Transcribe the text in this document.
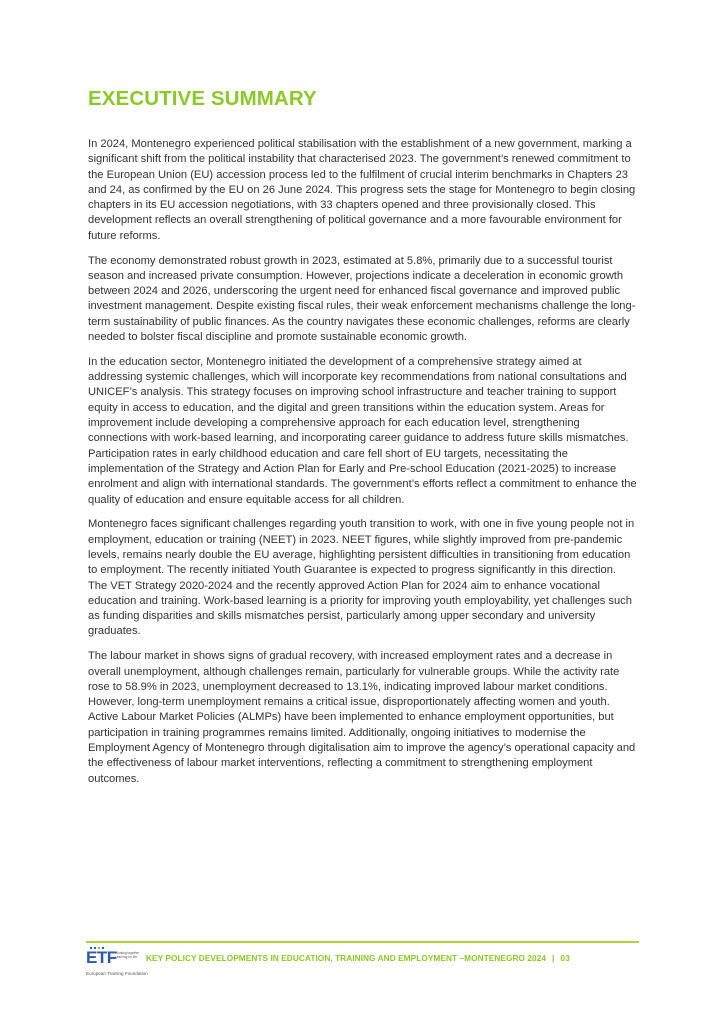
EXECUTIVE SUMMARY

In 2024, Montenegro experienced political stabilisation with the establishment of a new government, marking a significant shift from the political instability that characterised 2023. The government’s renewed commitment to the European Union (EU) accession process led to the fulfilment of crucial interim benchmarks in Chapters 23 and 24, as confirmed by the EU on 26 June 2024. This progress sets the stage for Montenegro to begin closing chapters in its EU accession negotiations, with 33 chapters opened and three provisionally closed. This development reflects an overall strengthening of political governance and a more favourable environment for future reforms.

The economy demonstrated robust growth in 2023, estimated at 5.8%, primarily due to a successful tourist season and increased private consumption. However, projections indicate a deceleration in economic growth between 2024 and 2026, underscoring the urgent need for enhanced fiscal governance and improved public investment management. Despite existing fiscal rules, their weak enforcement mechanisms challenge the long-term sustainability of public finances. As the country navigates these economic challenges, reforms are clearly needed to bolster fiscal discipline and promote sustainable economic growth.

In the education sector, Montenegro initiated the development of a comprehensive strategy aimed at addressing systemic challenges, which will incorporate key recommendations from national consultations and UNICEF’s analysis. This strategy focuses on improving school infrastructure and teacher training to support equity in access to education, and the digital and green transitions within the education system. Areas for improvement include developing a comprehensive approach for each education level, strengthening connections with work-based learning, and incorporating career guidance to address future skills mismatches. Participation rates in early childhood education and care fell short of EU targets, necessitating the implementation of the Strategy and Action Plan for Early and Pre-school Education (2021-2025) to increase enrolment and align with international standards. The government’s efforts reflect a commitment to enhance the quality of education and ensure equitable access for all children.

Montenegro faces significant challenges regarding youth transition to work, with one in five young people not in employment, education or training (NEET) in 2023. NEET figures, while slightly improved from pre-pandemic levels, remains nearly double the EU average, highlighting persistent difficulties in transitioning from education to employment. The recently initiated Youth Guarantee is expected to progress significantly in this direction. The VET Strategy 2020-2024 and the recently approved Action Plan for 2024 aim to enhance vocational education and training. Work-based learning is a priority for improving youth employability, yet challenges such as funding disparities and skills mismatches persist, particularly among upper secondary and university graduates.

The labour market in shows signs of gradual recovery, with increased employment rates and a decrease in overall unemployment, although challenges remain, particularly for vulnerable groups. While the activity rate rose to 58.9% in 2023, unemployment decreased to 13.1%, indicating improved labour market conditions. However, long-term unemployment remains a critical issue, disproportionately affecting women and youth. Active Labour Market Policies (ALMPs) have been implemented to enhance employment opportunities, but participation in training programmes remains limited. Additionally, ongoing initiatives to modernise the Employment Agency of Montenegro through digitalisation aim to improve the agency’s operational capacity and the effectiveness of labour market interventions, reflecting a commitment to strengthening employment outcomes.

ETF
Working together Learning for life
European Training Foundation
KEY POLICY DEVELOPMENTS IN EDUCATION, TRAINING AND EMPLOYMENT –MONTENEGRO 2024 | 03
